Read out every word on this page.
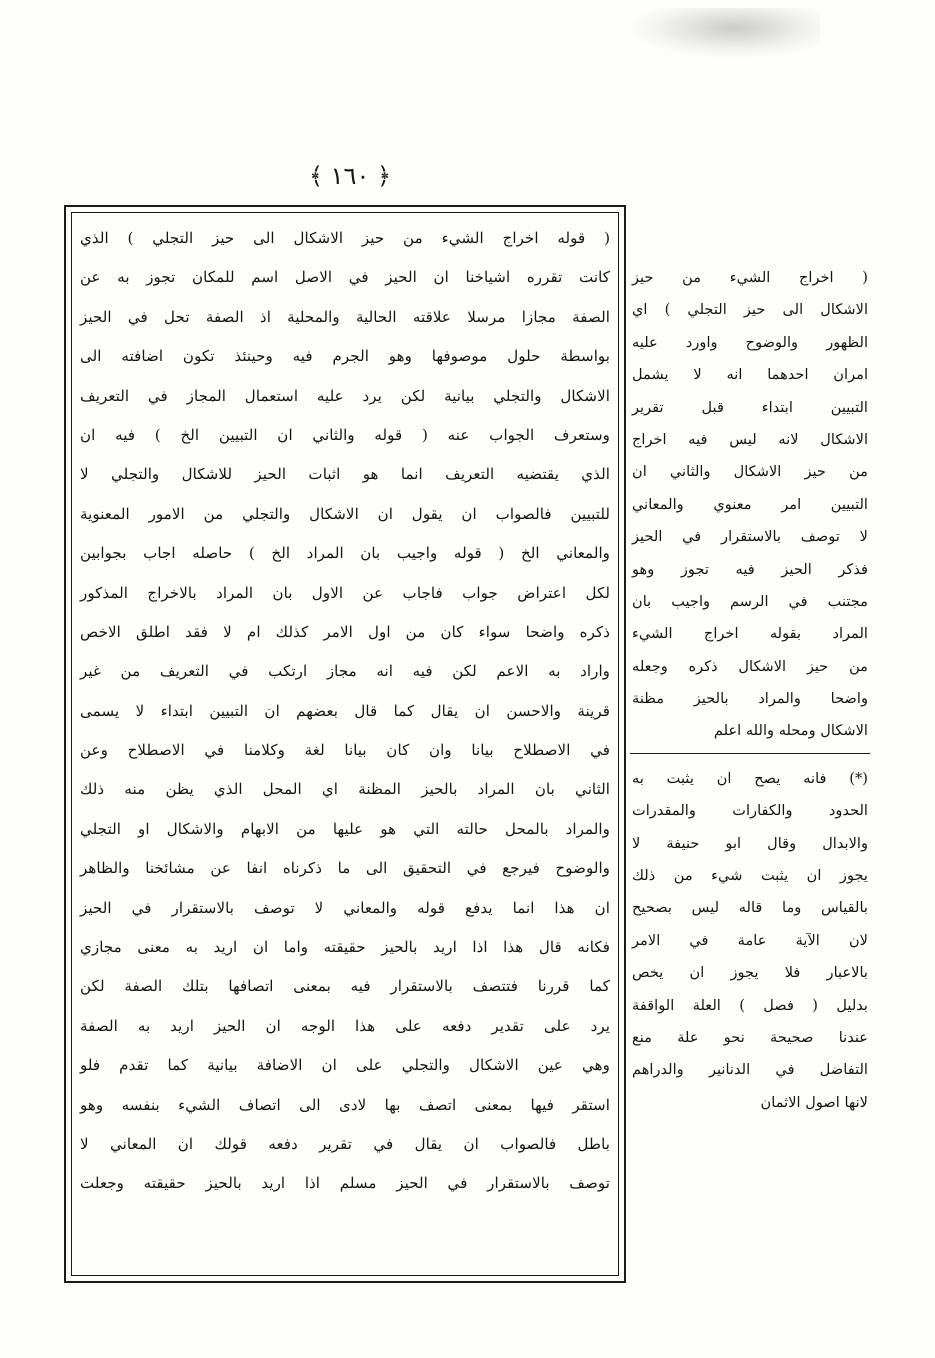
﴿ ١٦٠ ﴾
( قوله اخراج الشيء من حيز الاشكال الى حيز التجلي ) الذي
كانت تقرره اشياخنا ان الحيز في الاصل اسم للمكان تجوز به عن
الصفة مجازا مرسلا علاقته الحالية والمحلية اذ الصفة تحل في الحيز
بواسطة حلول موصوفها وهو الجرم فيه وحينئذ تكون اضافته الى
الاشكال والتجلي بيانية لكن يرد عليه استعمال المجاز في التعريف
وستعرف الجواب عنه ( قوله والثاني ان التبيين الخ ) فيه ان
الذي يقتضيه التعريف انما هو اثبات الحيز للاشكال والتجلي لا
للتبيين فالصواب ان يقول ان الاشكال والتجلي من الامور المعنوية
والمعاني الخ ( قوله واجيب بان المراد الخ ) حاصله اجاب بجوابين
لكل اعتراض جواب فاجاب عن الاول بان المراد بالاخراج المذكور
ذكره واضحا سواء كان من اول الامر كذلك ام لا فقد اطلق الاخص
واراد به الاعم لكن فيه انه مجاز ارتكب في التعريف من غير
قرينة والاحسن ان يقال كما قال بعضهم ان التبيين ابتداء لا يسمى
في الاصطلاح بيانا وان كان بيانا لغة وكلامنا في الاصطلاح وعن
الثاني بان المراد بالحيز المظنة اي المحل الذي يظن منه ذلك
والمراد بالمحل حالته التي هو عليها من الابهام والاشكال او التجلي
والوضوح فيرجع في التحقيق الى ما ذكرناه انفا عن مشائخنا والظاهر
ان هذا انما يدفع قوله والمعاني لا توصف بالاستقرار في الحيز
فكانه قال هذا اذا اريد بالحيز حقيقته واما ان اريد به معنى مجازي
كما قررنا فتتصف بالاستقرار فيه بمعنى اتصافها بتلك الصفة لكن
يرد على تقدير دفعه على هذا الوجه ان الحيز اريد به الصفة
وهي عين الاشكال والتجلي على ان الاضافة بيانية كما تقدم فلو
استقر فيها بمعنى اتصف بها لادى الى اتصاف الشيء بنفسه وهو
باطل فالصواب ان يقال في تقرير دفعه قولك ان المعاني لا
توصف بالاستقرار في الحيز مسلم اذا اريد بالحيز حقيقته وجعلت
( اخراج الشيء من حيز
الاشكال الى حيز التجلي ) اي
الظهور والوضوح واورد عليه
امران احدهما انه لا يشمل
التبيين ابتداء قبل تقرير
الاشكال لانه ليس فيه اخراج
من حيز الاشكال والثاني ان
التبيين امر معنوي والمعاني
لا توصف بالاستقرار في الحيز
فذكر الحيز فيه تجوز وهو
مجتنب في الرسم واجيب بان
المراد بقوله اخراج الشيء
من حيز الاشكال ذكره وجعله
واضحا والمراد بالحيز مظنة
الاشكال ومحله والله اعلم
(*) فانه يصح ان يثبت به
الحدود والكفارات والمقدرات
والابدال وقال ابو حنيفة لا
يجوز ان يثبت شيء من ذلك
بالقياس وما قاله ليس بصحيح
لان الآية عامة في الامر
بالاعبار فلا يجوز ان يخص
بدليل ( فصل ) العلة الواقفة
عندنا صحيحة نحو علة منع
التفاضل في الدنانير والدراهم
لانها اصول الاثمان
